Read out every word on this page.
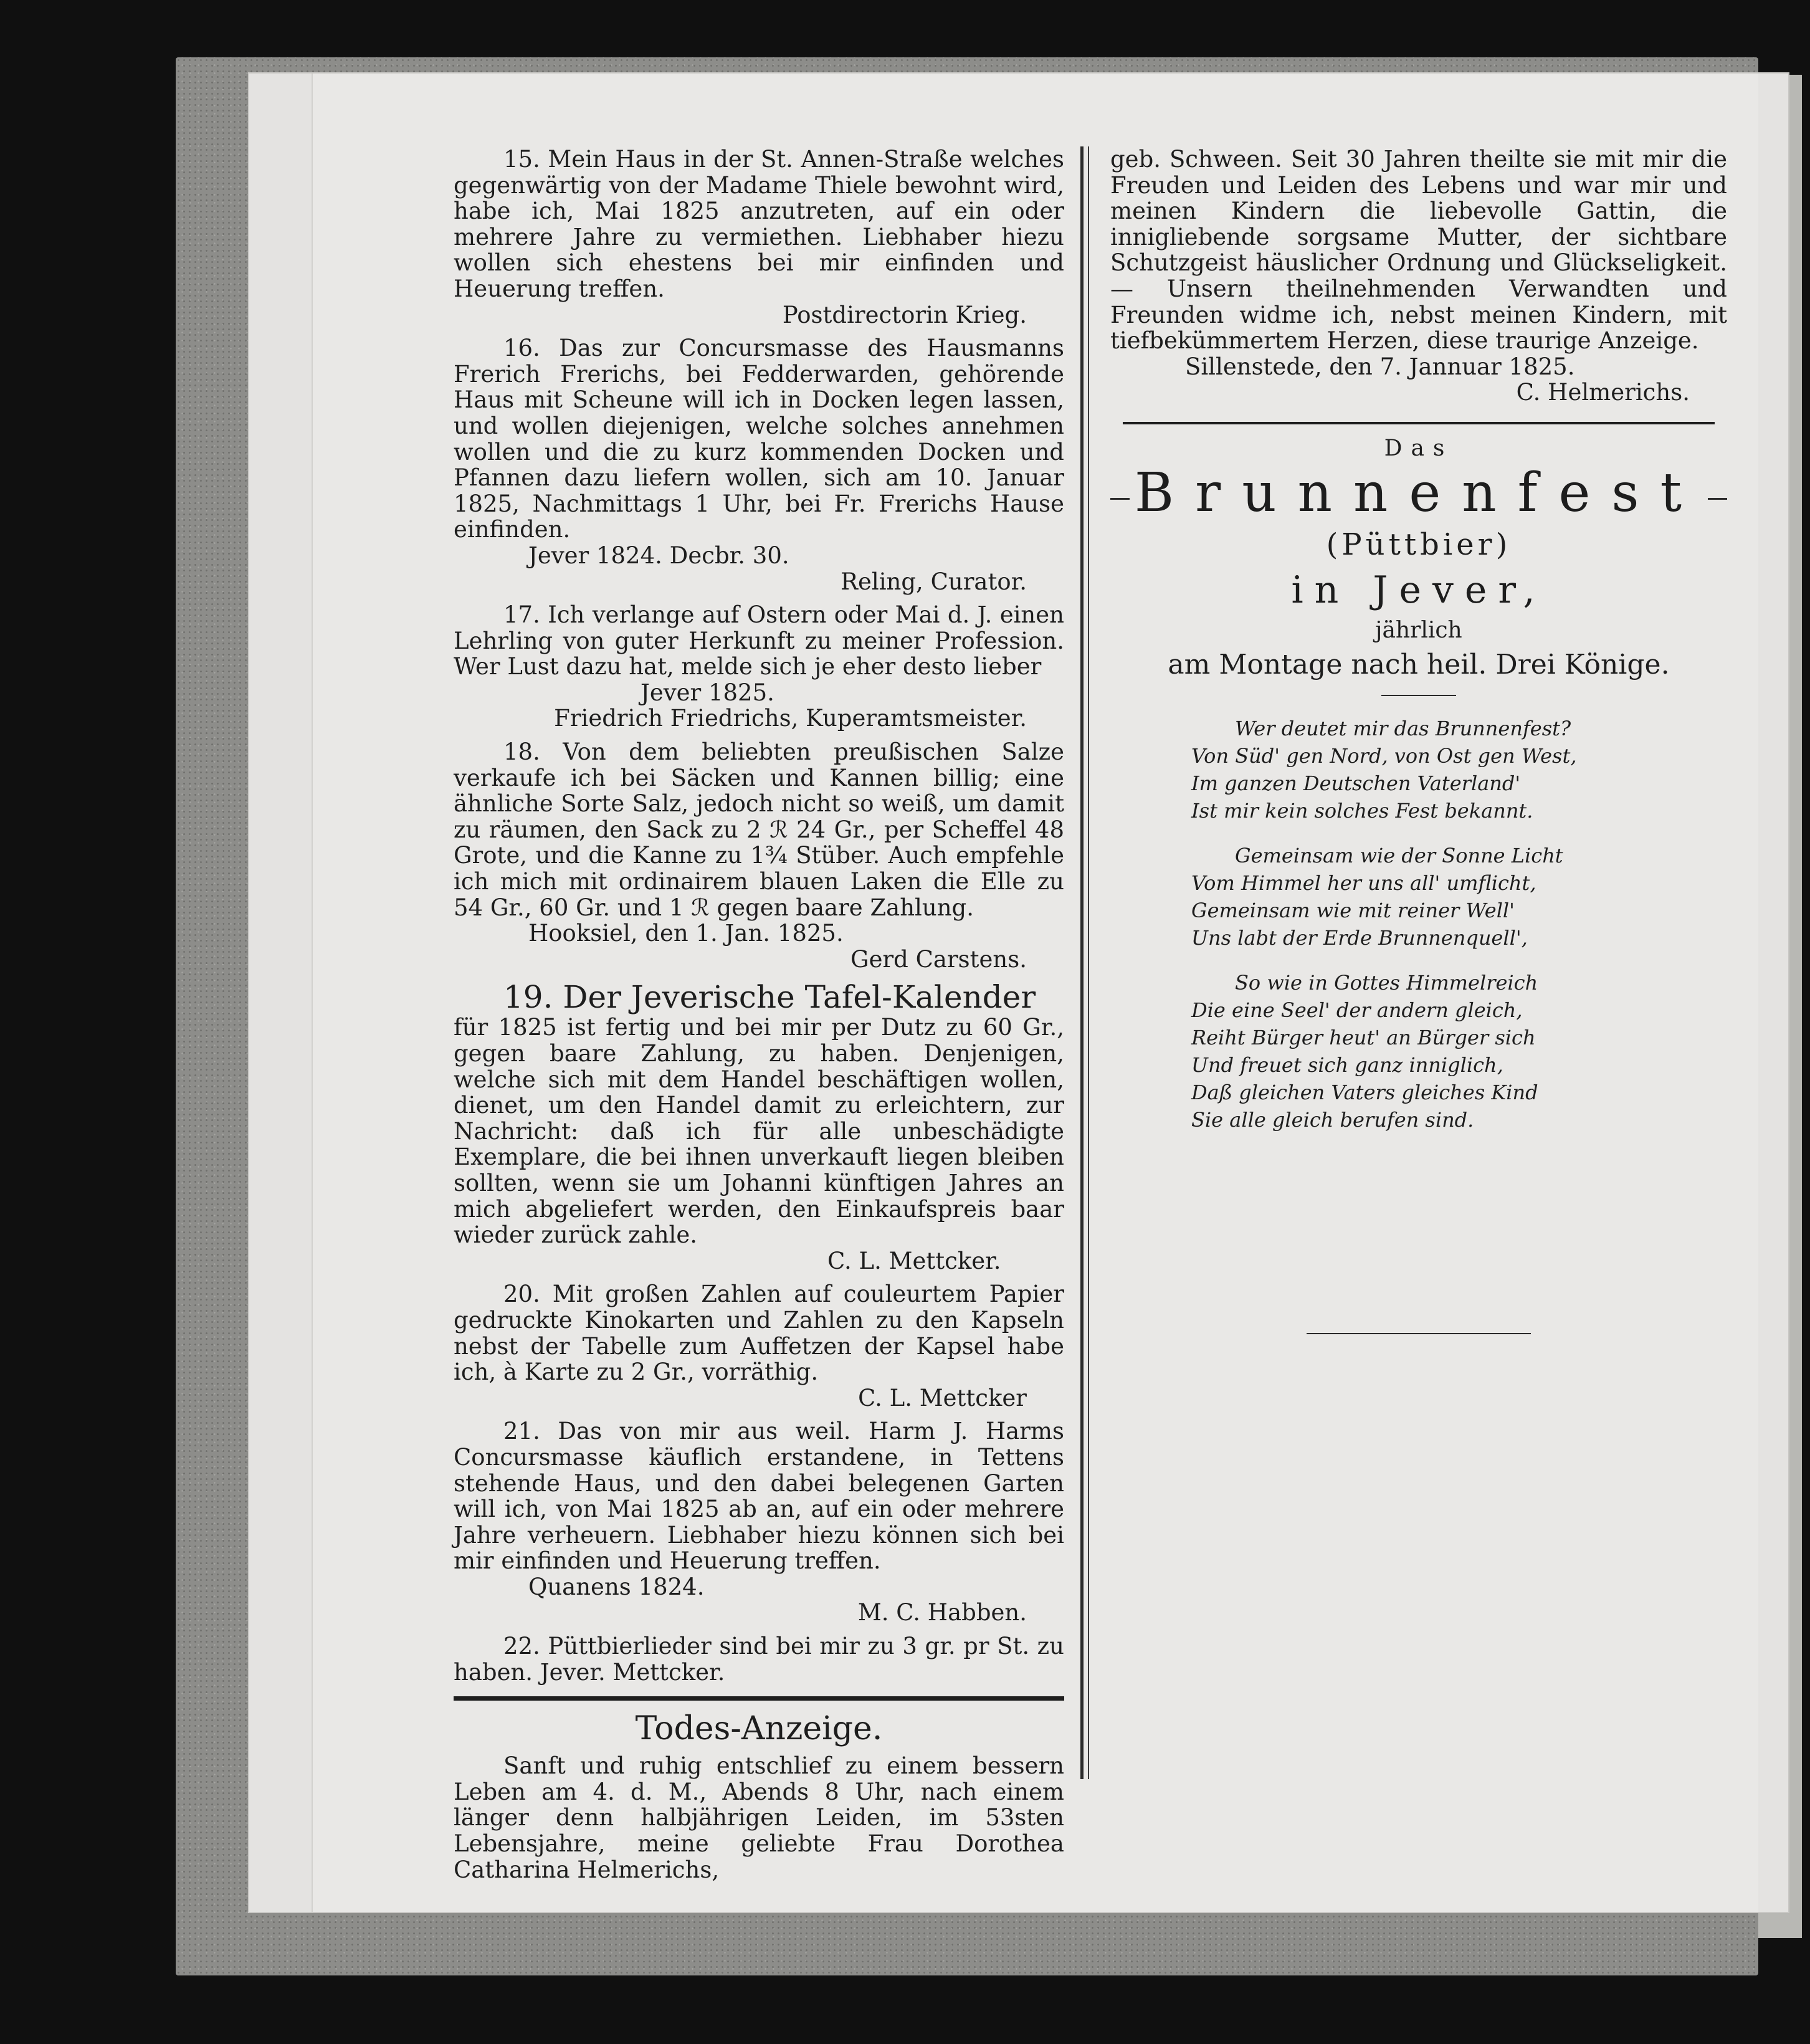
15. Mein Haus in der St. Annen-Straße welches gegenwärtig von der Madame Thiele bewohnt wird, habe ich, Mai 1825 anzutreten, auf ein oder mehrere Jahre zu vermiethen. Liebhaber hiezu wollen sich ehestens bei mir einfinden und Heuerung treffen.

Postdirectorin Krieg.

16. Das zur Concursmasse des Hausmanns Frerich Frerichs, bei Fedderwarden, gehörende Haus mit Scheune will ich in Docken legen lassen, und wollen diejenigen, welche solches annehmen wollen und die zu kurz kommenden Docken und Pfannen dazu liefern wollen, sich am 10. Januar 1825, Nachmittags 1 Uhr, bei Fr. Frerichs Hause einfinden.

Jever 1824. Decbr. 30.
Reling, Curator.

17. Ich verlange auf Ostern oder Mai d. J. einen Lehrling von guter Herkunft zu meiner Profession. Wer Lust dazu hat, melde sich je eher desto lieber

Jever 1825.
Friedrich Friedrichs, Kuperamtsmeister.

18. Von dem beliebten preußischen Salze verkaufe ich bei Säcken und Kannen billig; eine ähnliche Sorte Salz, jedoch nicht so weiß, um damit zu räumen, den Sack zu 2 ℛ 24 Gr., per Scheffel 48 Grote, und die Kanne zu 1¾ Stüber. Auch empfehle ich mich mit ordinairem blauen Laken die Elle zu 54 Gr., 60 Gr. und 1 ℛ gegen baare Zahlung.

Hooksiel, den 1. Jan. 1825.
Gerd Carstens.
19. Der Jeverische Tafel-Kalender

für 1825 ist fertig und bei mir per Dutz zu 60 Gr., gegen baare Zahlung, zu haben. Denjenigen, welche sich mit dem Handel beschäftigen wollen, dienet, um den Handel damit zu erleichtern, zur Nachricht: daß ich für alle unbeschädigte Exemplare, die bei ihnen unverkauft liegen bleiben sollten, wenn sie um Johanni künftigen Jahres an mich abgeliefert werden, den Einkaufspreis baar wieder zurück zahle.

C. L. Mettcker.

20. Mit großen Zahlen auf couleurtem Papier gedruckte Kinokarten und Zahlen zu den Kapseln nebst der Tabelle zum Auffetzen der Kapsel habe ich, à Karte zu 2 Gr., vorräthig.

C. L. Mettcker

21. Das von mir aus weil. Harm J. Harms Concursmasse käuflich erstandene, in Tettens stehende Haus, und den dabei belegenen Garten will ich, von Mai 1825 ab an, auf ein oder mehrere Jahre verheuern. Liebhaber hiezu können sich bei mir einfinden und Heuerung treffen.

Quanens 1824.
M. C. Habben.

22. Püttbierlieder sind bei mir zu 3 gr. pr St. zu haben. Jever. Mettcker.

Todes-Anzeige.

Sanft und ruhig entschlief zu einem bessern Leben am 4. d. M., Abends 8 Uhr, nach einem länger denn halbjährigen Leiden, im 53sten Lebensjahre, meine geliebte Frau Dorothea Catharina Helmerichs,

geb. Schween. Seit 30 Jahren theilte sie mit mir die Freuden und Leiden des Lebens und war mir und meinen Kindern die liebevolle Gattin, die innigliebende sorgsame Mutter, der sichtbare Schutzgeist häuslicher Ordnung und Glückseligkeit. — Unsern theilnehmenden Verwandten und Freunden widme ich, nebst meinen Kindern, mit tiefbekümmertem Herzen, diese traurige Anzeige.

Sillenstede, den 7. Jannuar 1825.
C. Helmerichs.
Das
Brunnenfest
(Püttbier)
in Jever,
jährlich
am Montage nach heil. Drei Könige.
Wer deutet mir das Brunnenfest?
Von Süd' gen Nord, von Ost gen West,
Im ganzen Deutschen Vaterland'
Ist mir kein solches Fest bekannt.
Gemeinsam wie der Sonne Licht
Vom Himmel her uns all' umflicht,
Gemeinsam wie mit reiner Well'
Uns labt der Erde Brunnenquell',
So wie in Gottes Himmelreich
Die eine Seel' der andern gleich,
Reiht Bürger heut' an Bürger sich
Und freuet sich ganz inniglich,
Daß gleichen Vaters gleiches Kind
Sie alle gleich berufen sind.
